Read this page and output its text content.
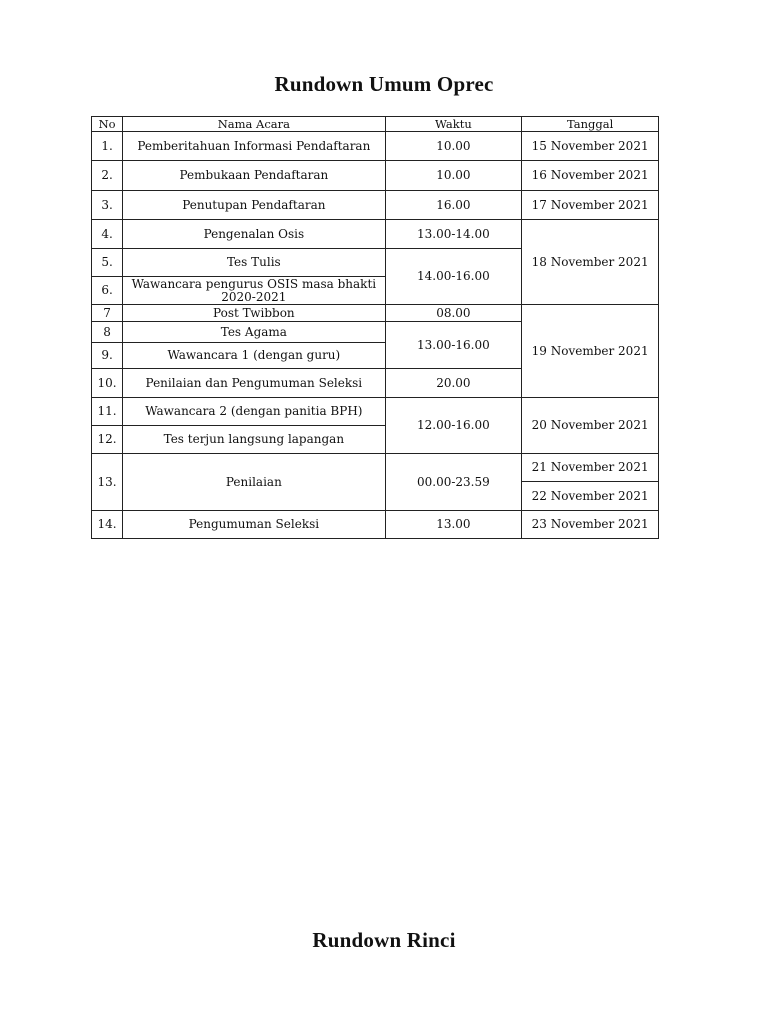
Rundown Umum Oprec
No	Nama Acara	Waktu	Tanggal
1.	Pemberitahuan Informasi Pendaftaran	10.00	15 November 2021
2.	Pembukaan Pendaftaran	10.00	16 November 2021
3.	Penutupan Pendaftaran	16.00	17 November 2021
4.	Pengenalan Osis	13.00-14.00	18 November 2021
5.	Tes Tulis	14.00-16.00	
6.	Wawancara pengurus OSIS masa bhakti 2020-2021		
7	Post Twibbon	08.00	19 November 2021
8	Tes Agama	13.00-16.00	
9.	Wawancara 1 (dengan guru)		
10.	Penilaian dan Pengumuman Seleksi	20.00	
11.	Wawancara 2 (dengan panitia BPH)	12.00-16.00	20 November 2021
12.	Tes terjun langsung lapangan		
13.	Penilaian	00.00-23.59	21 November 2021
			22 November 2021
14.	Pengumuman Seleksi	13.00	23 November 2021
Rundown Rinci
